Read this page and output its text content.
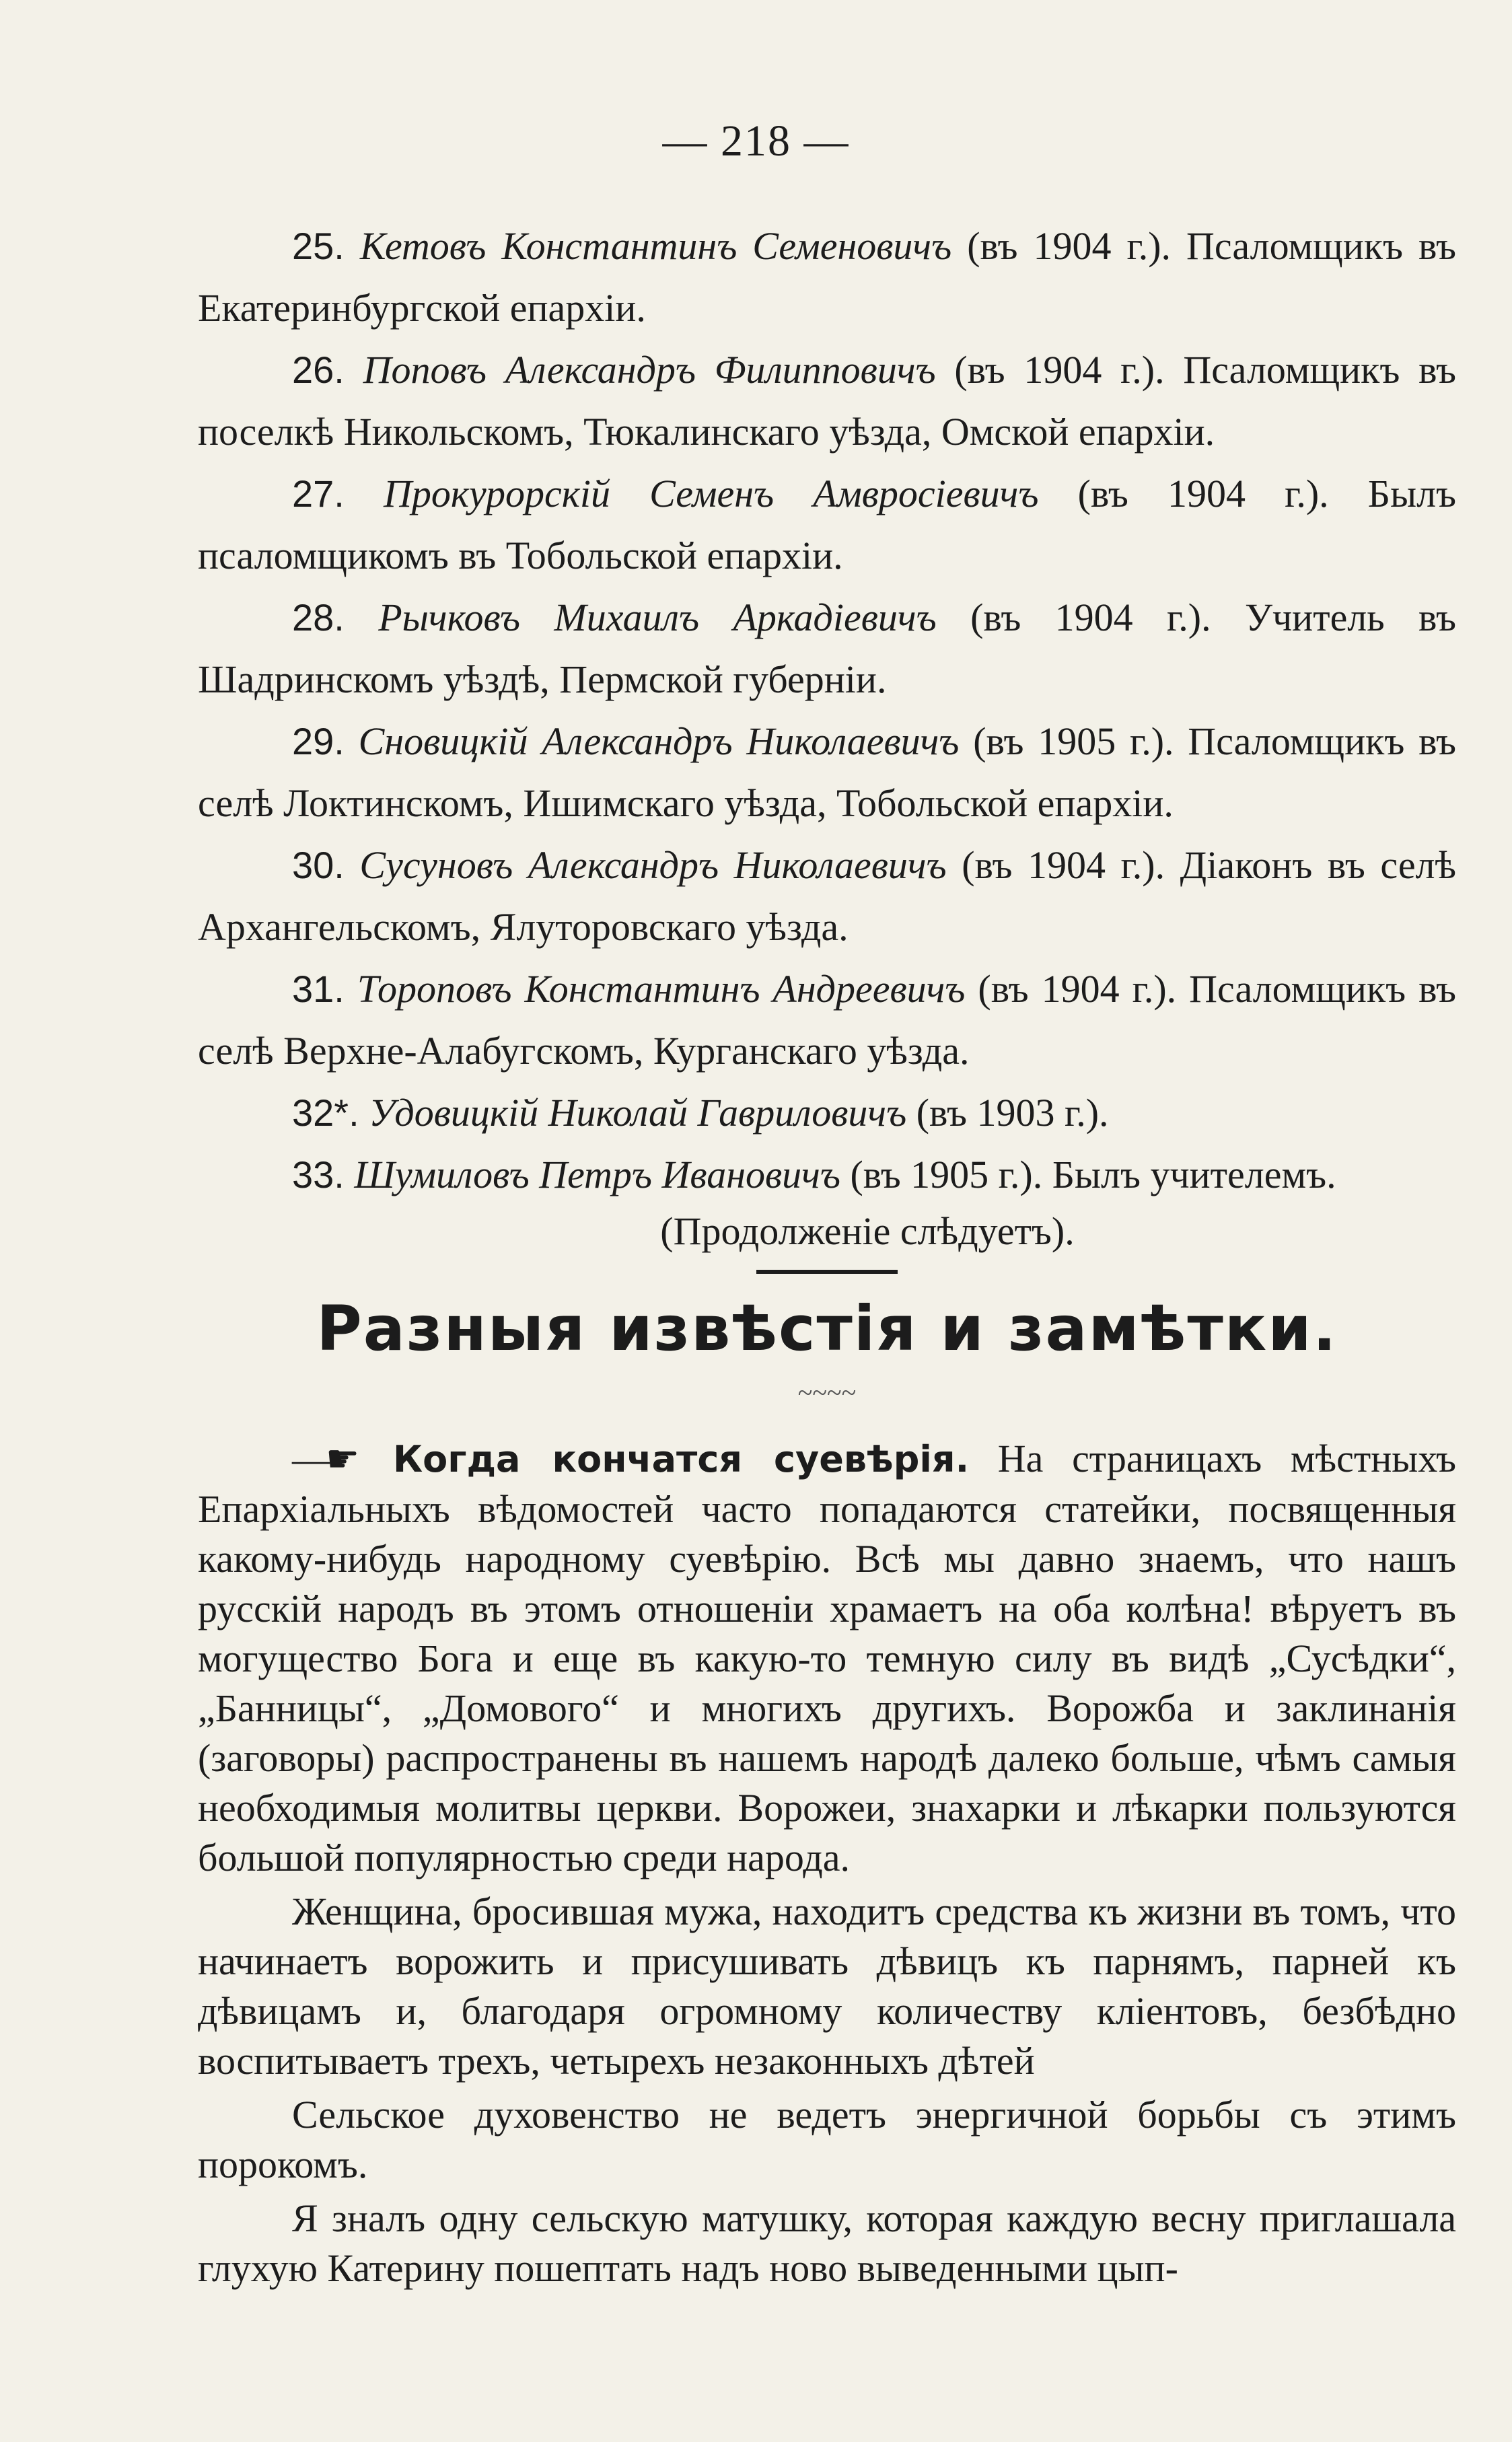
— 218 —

25. Кетовъ Константинъ Семеновичъ (въ 1904 г.). Псаломщикъ въ Екатеринбургской епархіи.

26. Поповъ Александръ Филипповичъ (въ 1904 г.). Псаломщикъ въ поселкѣ Никольскомъ, Тюкалинскаго уѣзда, Омской епархіи.

27. Прокурорскій Семенъ Амвросіевичъ (въ 1904 г.). Былъ псаломщикомъ въ Тобольской епархіи.

28. Рычковъ Михаилъ Аркадіевичъ (въ 1904 г.). Учитель въ Шадринскомъ уѣздѣ, Пермской губерніи.

29. Сновицкій Александръ Николаевичъ (въ 1905 г.). Псаломщикъ въ селѣ Локтинскомъ, Ишимскаго уѣзда, Тобольской епархіи.

30. Сусуновъ Александръ Николаевичъ (въ 1904 г.). Діаконъ въ селѣ Архангельскомъ, Ялуторовскаго уѣзда.

31. Тороповъ Константинъ Андреевичъ (въ 1904 г.). Псаломщикъ въ селѣ Верхне-Алабугскомъ, Курганскаго уѣзда.

32*. Удовицкій Николай Гавриловичъ (въ 1903 г.).

33. Шумиловъ Петръ Ивановичъ (въ 1905 г.). Былъ учителемъ.

(Продолженіе слѣдуетъ).
Разныя извѣстія и замѣтки.
~~~~

—☛ Когда кончатся суевѣрія. На страницахъ мѣстныхъ Епархіальныхъ вѣдомостей часто попадаются статейки, посвященныя какому-нибудь народному суевѣрію. Всѣ мы давно знаемъ, что нашъ русскій народъ въ этомъ отношеніи хрaмаетъ на оба колѣна! вѣруетъ въ могущество Бога и еще въ какую-то темную силу въ видѣ „Сусѣдки“, „Банницы“, „Домового“ и многихъ другихъ. Ворожба и заклинанія (заговоры) распространены въ нашемъ народѣ далеко больше, чѣмъ самыя необходимыя молитвы церкви. Ворожеи, знахарки и лѣкарки пользуются большой популярностью среди народа.

Женщина, бросившая мужа, находитъ средства къ жизни въ томъ, что начинаетъ ворожить и присушивать дѣвицъ къ парнямъ, парней къ дѣвицамъ и, благодаря огромному количеству кліентовъ, безбѣдно воспитываетъ трехъ, четырехъ незаконныхъ дѣтей

Сельское духовенство не ведетъ энергичной борьбы съ этимъ порокомъ.

Я зналъ одну сельскую матушку, которая каждую весну приглашала глухую Катерину пошептать надъ ново выведенными цып-
